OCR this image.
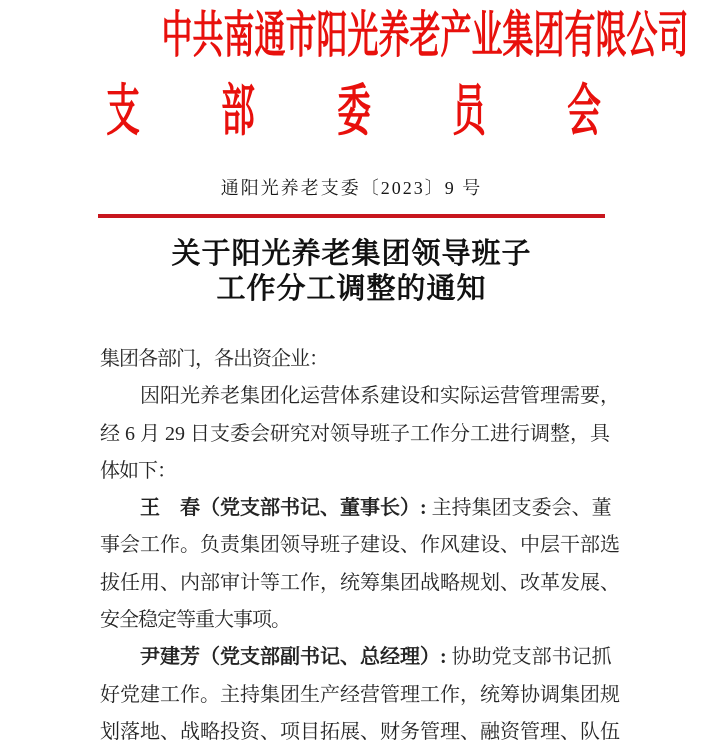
中共南通市阳光养老产业集团有限公司
支 部 委 员 会
通阳光养老支委〔2023〕9 号
关于阳光养老集团领导班子
工作分工调整的通知
集团各部门，各出资企业：
因阳光养老集团化运营体系建设和实际运营管理需要，
经 6 月 29 日支委会研究对领导班子工作分工进行调整，具
体如下：
王　春（党支部书记、董事长）: 主持集团支委会、董
事会工作。负责集团领导班子建设、作风建设、中层干部选
拔任用、内部审计等工作，统筹集团战略规划、改革发展、
安全稳定等重大事项。
尹建芳（党支部副书记、总经理）: 协助党支部书记抓
好党建工作。主持集团生产经营管理工作，统筹协调集团规
划落地、战略投资、项目拓展、财务管理、融资管理、队伍
